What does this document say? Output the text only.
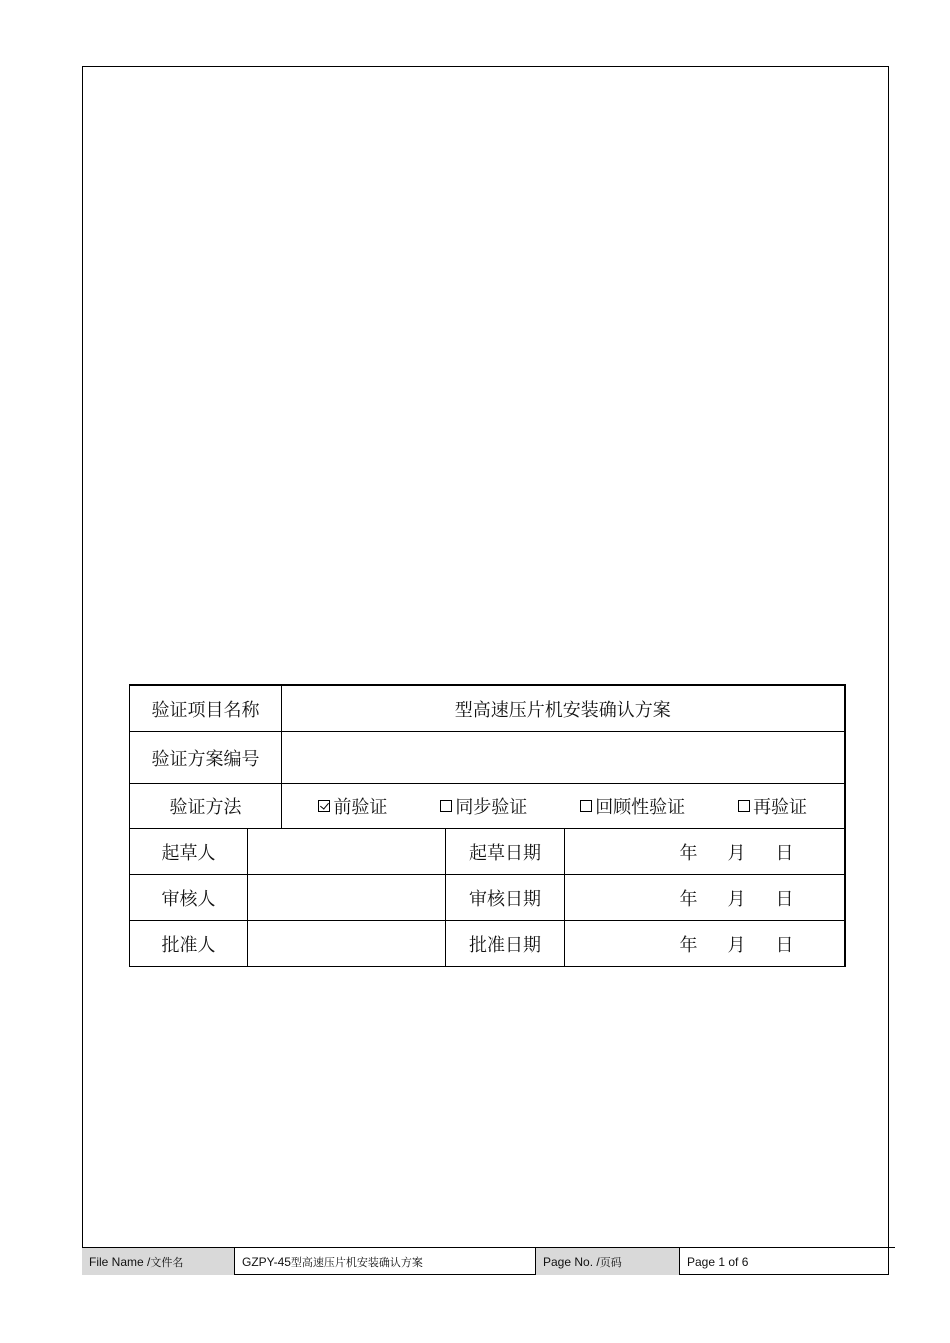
验证项目名称		型高速压片机安装确认方案		
验证方案编号				
验证方法		前验证 同步验证 回顾性验证 再验证		

起草人			起草日期	年 月 日
审核人			审核日期	年 月 日
批准人			批准日期	年 月 日
File Name / 文件名	GZPY-45 型高速压片机安装确认方案	Page No. / 页码	Page 1 of 6
